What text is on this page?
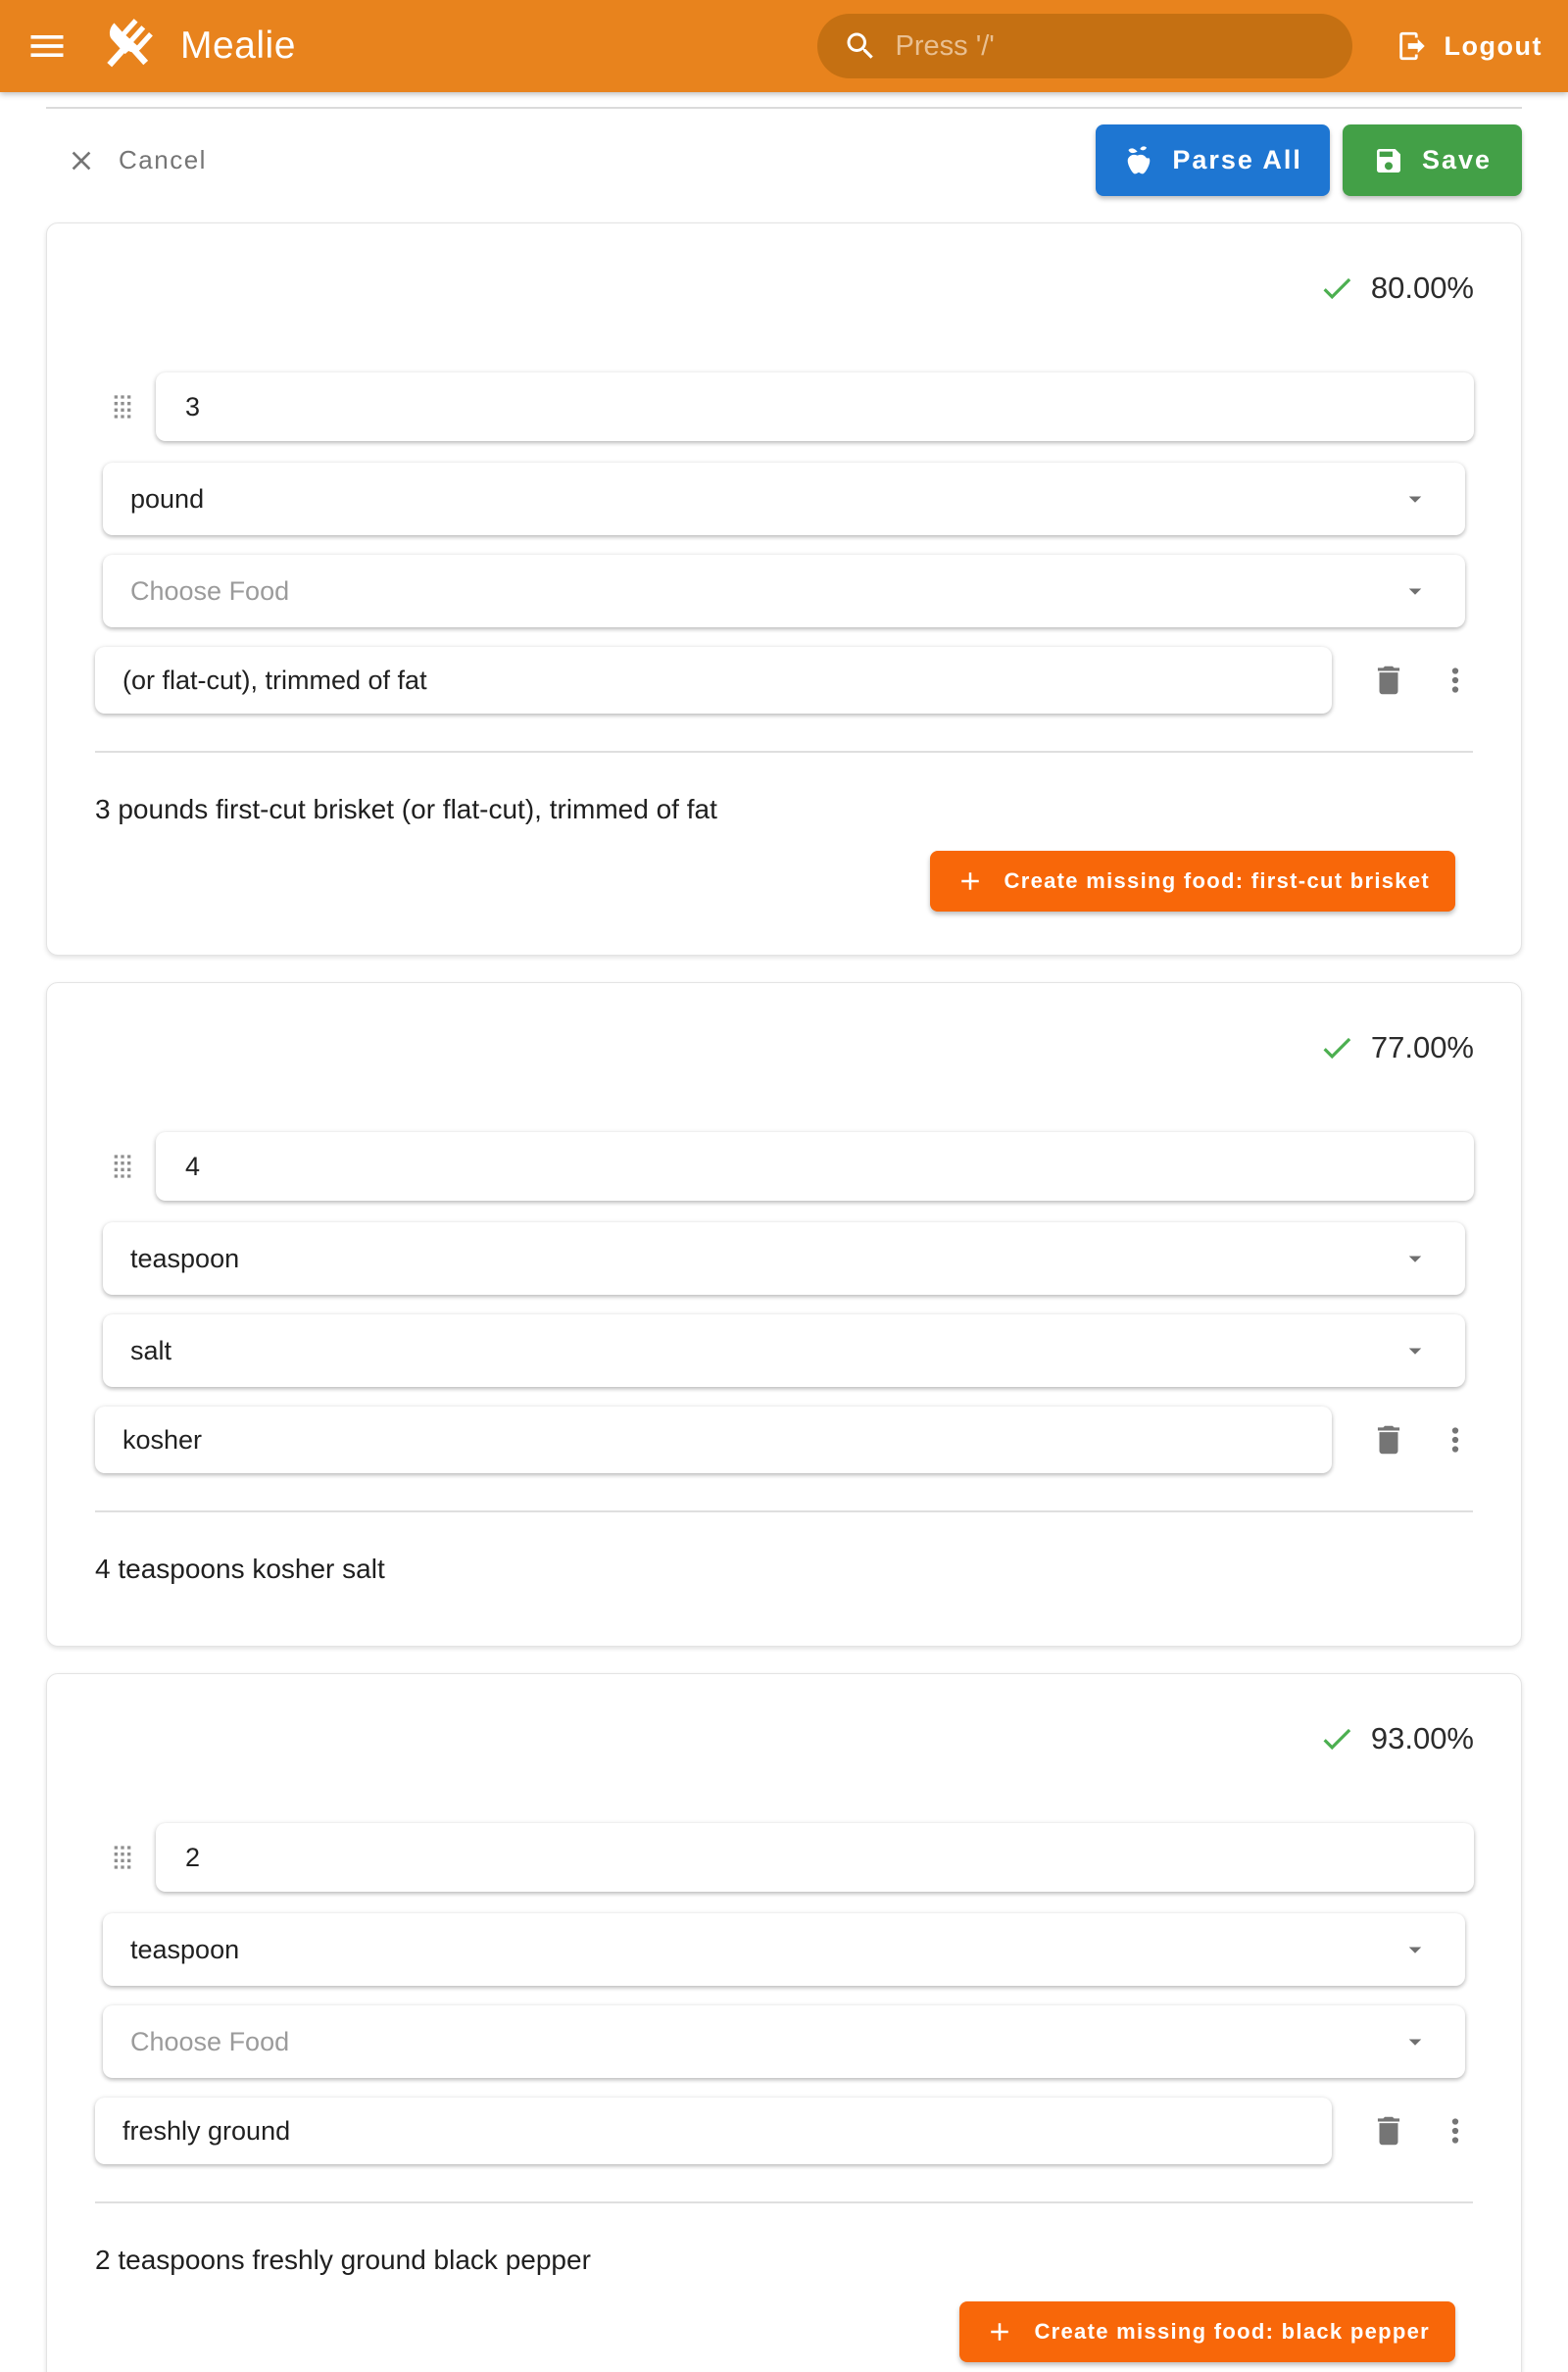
Mealie
Press '/'	Logout
Cancel	Parse All	Save
80.00%
3
pound
Choose Food
(or flat-cut), trimmed of fat
3 pounds first-cut brisket (or flat-cut), trimmed of fat
Create missing food: first-cut brisket
77.00%
4
teaspoon
salt
kosher
4 teaspoons kosher salt
93.00%
2
teaspoon
Choose Food
freshly ground
2 teaspoons freshly ground black pepper
Create missing food: black pepper
